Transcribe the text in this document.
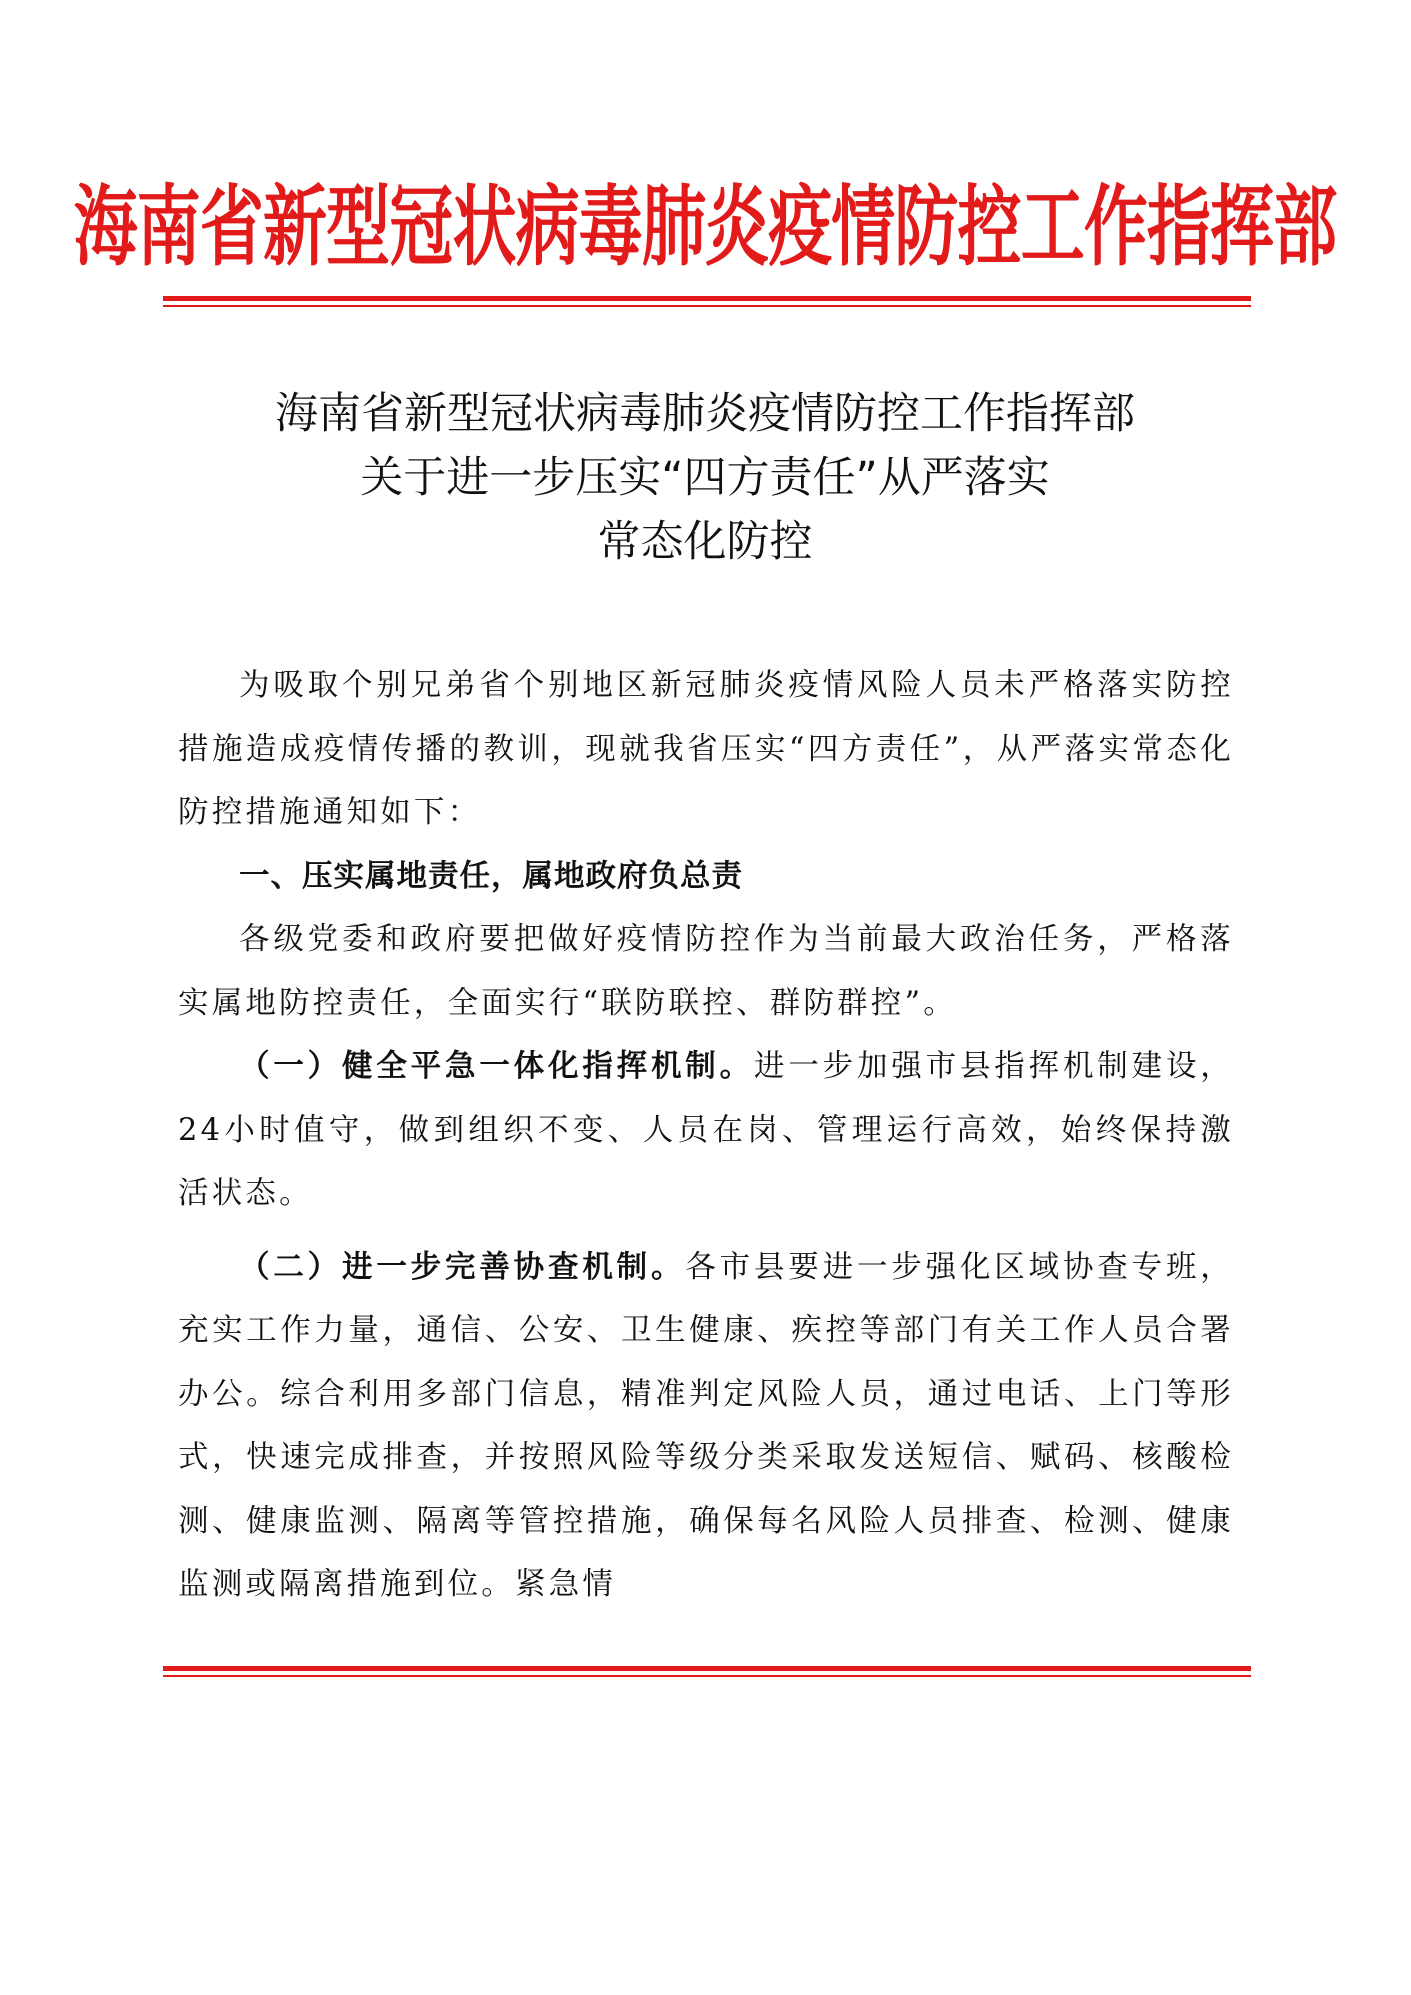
海南省新型冠状病毒肺炎疫情防控工作指挥部
海南省新型冠状病毒肺炎疫情防控工作指挥部
关于进一步压实“四方责任”从严落实
常态化防控

为吸取个别兄弟省个别地区新冠肺炎疫情风险人员未严格落实防控措施造成疫情传播的教训，现就我省压实“四方责任”，从严落实常态化防控措施通知如下：

一、压实属地责任，属地政府负总责

各级党委和政府要把做好疫情防控作为当前最大政治任务，严格落实属地防控责任，全面实行“联防联控、群防群控”。

（一）健全平急一体化指挥机制。进一步加强市县指挥机制建设，24小时值守，做到组织不变、人员在岗、管理运行高效，始终保持激活状态。

（二）进一步完善协查机制。各市县要进一步强化区域协查专班，充实工作力量，通信、公安、卫生健康、疾控等部门有关工作人员合署办公。综合利用多部门信息，精准判定风险人员，通过电话、上门等形式，快速完成排查，并按照风险等级分类采取发送短信、赋码、核酸检测、健康监测、隔离等管控措施，确保每名风险人员排查、检测、健康监测或隔离措施到位。紧急情
